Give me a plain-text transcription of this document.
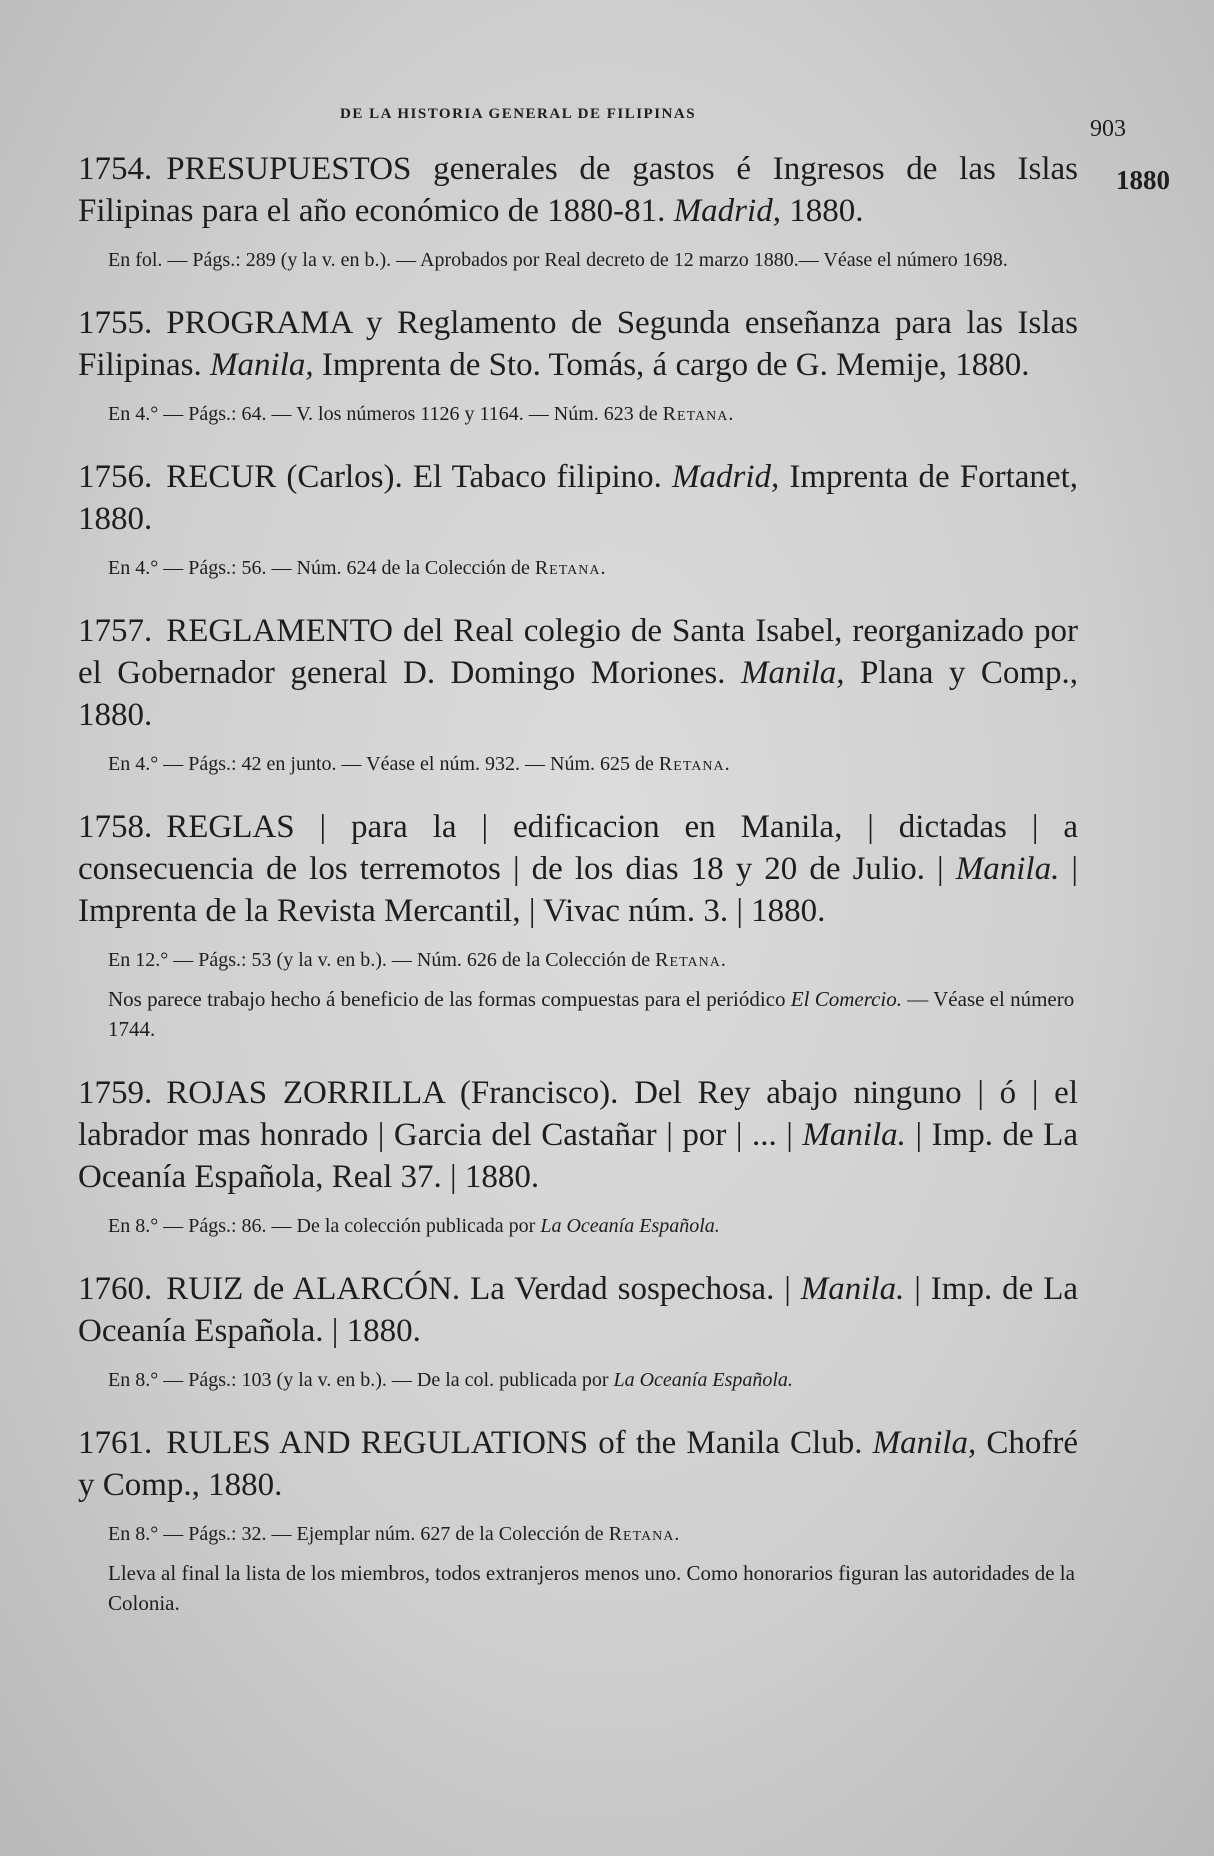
DE LA HISTORIA GENERAL DE FILIPINAS
903
1880
1754. PRESUPUESTOS generales de gastos é Ingresos de las Islas Filipinas para el año económico de 1880-81. Madrid, 1880.
En fol. — Págs.: 289 (y la v. en b.). — Aprobados por Real decreto de 12 marzo 1880.— Véase el número 1698.
1755. PROGRAMA y Reglamento de Segunda enseñanza para las Islas Filipinas. Manila, Imprenta de Sto. Tomás, á cargo de G. Memije, 1880.
En 4.° — Págs.: 64. — V. los números 1126 y 1164. — Núm. 623 de Retana.
1756. RECUR (Carlos). El Tabaco filipino. Madrid, Imprenta de Fortanet, 1880.
En 4.° — Págs.: 56. — Núm. 624 de la Colección de Retana.
1757. REGLAMENTO del Real colegio de Santa Isabel, reorganizado por el Gobernador general D. Domingo Moriones. Manila, Plana y Comp., 1880.
En 4.° — Págs.: 42 en junto. — Véase el núm. 932. — Núm. 625 de Retana.
1758. REGLAS | para la | edificacion en Manila, | dictadas | a consecuencia de los terremotos | de los dias 18 y 20 de Julio. | Manila. | Imprenta de la Revista Mercantil, | Vivac núm. 3. | 1880.
En 12.° — Págs.: 53 (y la v. en b.). — Núm. 626 de la Colección de Retana.
Nos parece trabajo hecho á beneficio de las formas compuestas para el periódico El Comercio. — Véase el número 1744.
1759. ROJAS ZORRILLA (Francisco). Del Rey abajo ninguno | ó | el labrador mas honrado | Garcia del Castañar | por | ... | Manila. | Imp. de La Oceanía Española, Real 37. | 1880.
En 8.° — Págs.: 86. — De la colección publicada por La Oceanía Española.
1760. RUIZ de ALARCÓN. La Verdad sospechosa. | Manila. | Imp. de La Oceanía Española. | 1880.
En 8.° — Págs.: 103 (y la v. en b.). — De la col. publicada por La Oceanía Española.
1761. RULES AND REGULATIONS of the Manila Club. Manila, Chofré y Comp., 1880.
En 8.° — Págs.: 32. — Ejemplar núm. 627 de la Colección de Retana.
Lleva al final la lista de los miembros, todos extranjeros menos uno. Como honorarios figuran las autoridades de la Colonia.
